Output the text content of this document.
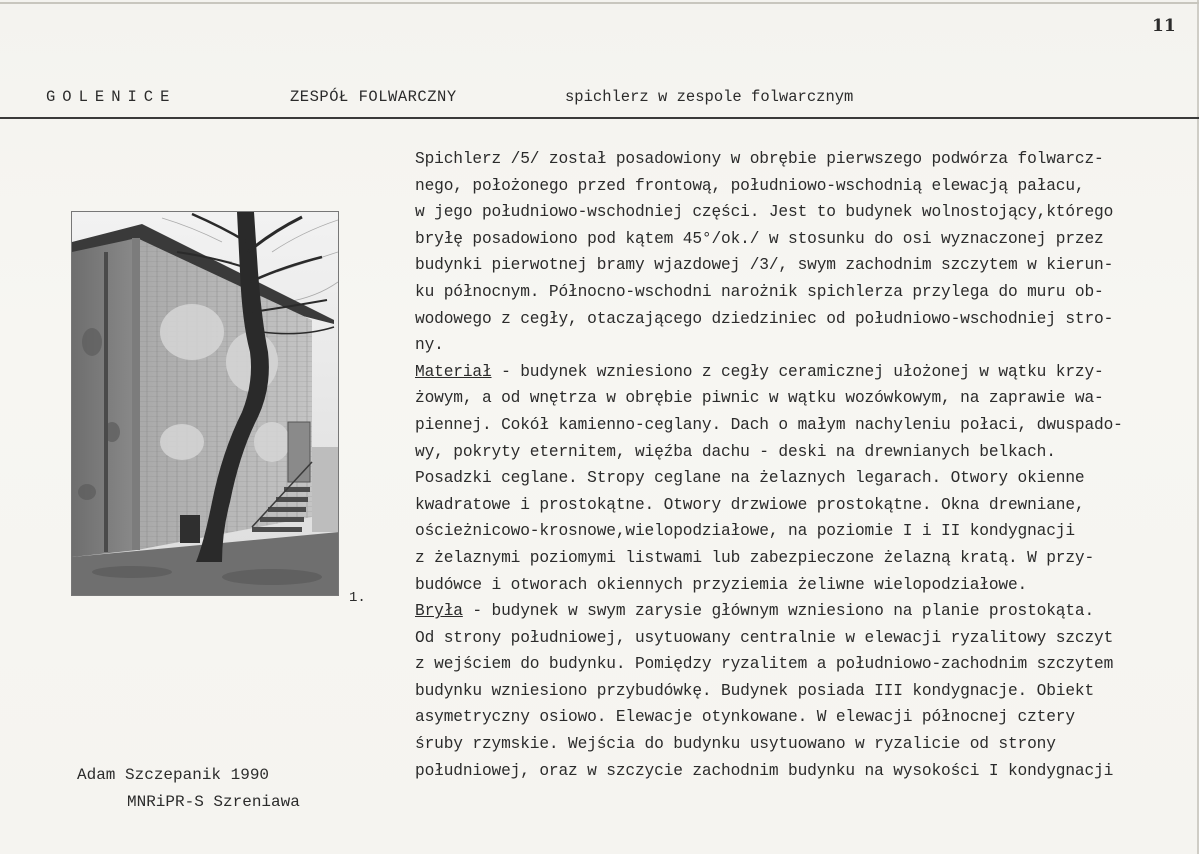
11
GOLENICE	ZESPÓŁ FOLWARCZNY	spichlerz w zespole folwarcznym
1.
Spichlerz /5/ został posadowiony w obrębie pierwszego podwórza folwarcz-
nego, położonego przed frontową, południowo-wschodnią elewacją pałacu,
w jego południowo-wschodniej części. Jest to budynek wolnostojący,którego
bryłę posadowiono pod kątem 45°/ok./ w stosunku do osi wyznaczonej przez
budynki pierwotnej bramy wjazdowej /3/, swym zachodnim szczytem w kierun-
ku północnym. Północno-wschodni narożnik spichlerza przylega do muru ob-
wodowego z cegły, otaczającego dziedziniec od południowo-wschodniej stro-
ny.
Materiał - budynek wzniesiono z cegły ceramicznej ułożonej w wątku krzy-
żowym, a od wnętrza w obrębie piwnic w wątku wozówkowym, na zaprawie wa-
piennej. Cokół kamienno-ceglany. Dach o małym nachyleniu połaci, dwuspado-
wy, pokryty eternitem, więźba dachu - deski na drewnianych belkach.
Posadzki ceglane. Stropy ceglane na żelaznych legarach. Otwory okienne
kwadratowe i prostokątne. Otwory drzwiowe prostokątne. Okna drewniane,
ościeżnicowo-krosnowe,wielopodziałowe, na poziomie I i II kondygnacji
z żelaznymi poziomymi listwami lub zabezpieczone żelazną kratą. W przy-
budówce i otworach okiennych przyziemia żeliwne wielopodziałowe.
Bryła - budynek w swym zarysie głównym wzniesiono na planie prostokąta.
Od strony południowej, usytuowany centralnie w elewacji ryzalitowy szczyt
z wejściem do budynku. Pomiędzy ryzalitem a południowo-zachodnim szczytem
budynku wzniesiono przybudówkę. Budynek posiada III kondygnacje. Obiekt
asymetryczny osiowo. Elewacje otynkowane. W elewacji północnej cztery
śruby rzymskie. Wejścia do budynku usytuowano w ryzalicie od strony
południowej, oraz w szczycie zachodnim budynku na wysokości I kondygnacji
Adam Szczepanik 1990
MNRiPR-S Szreniawa
